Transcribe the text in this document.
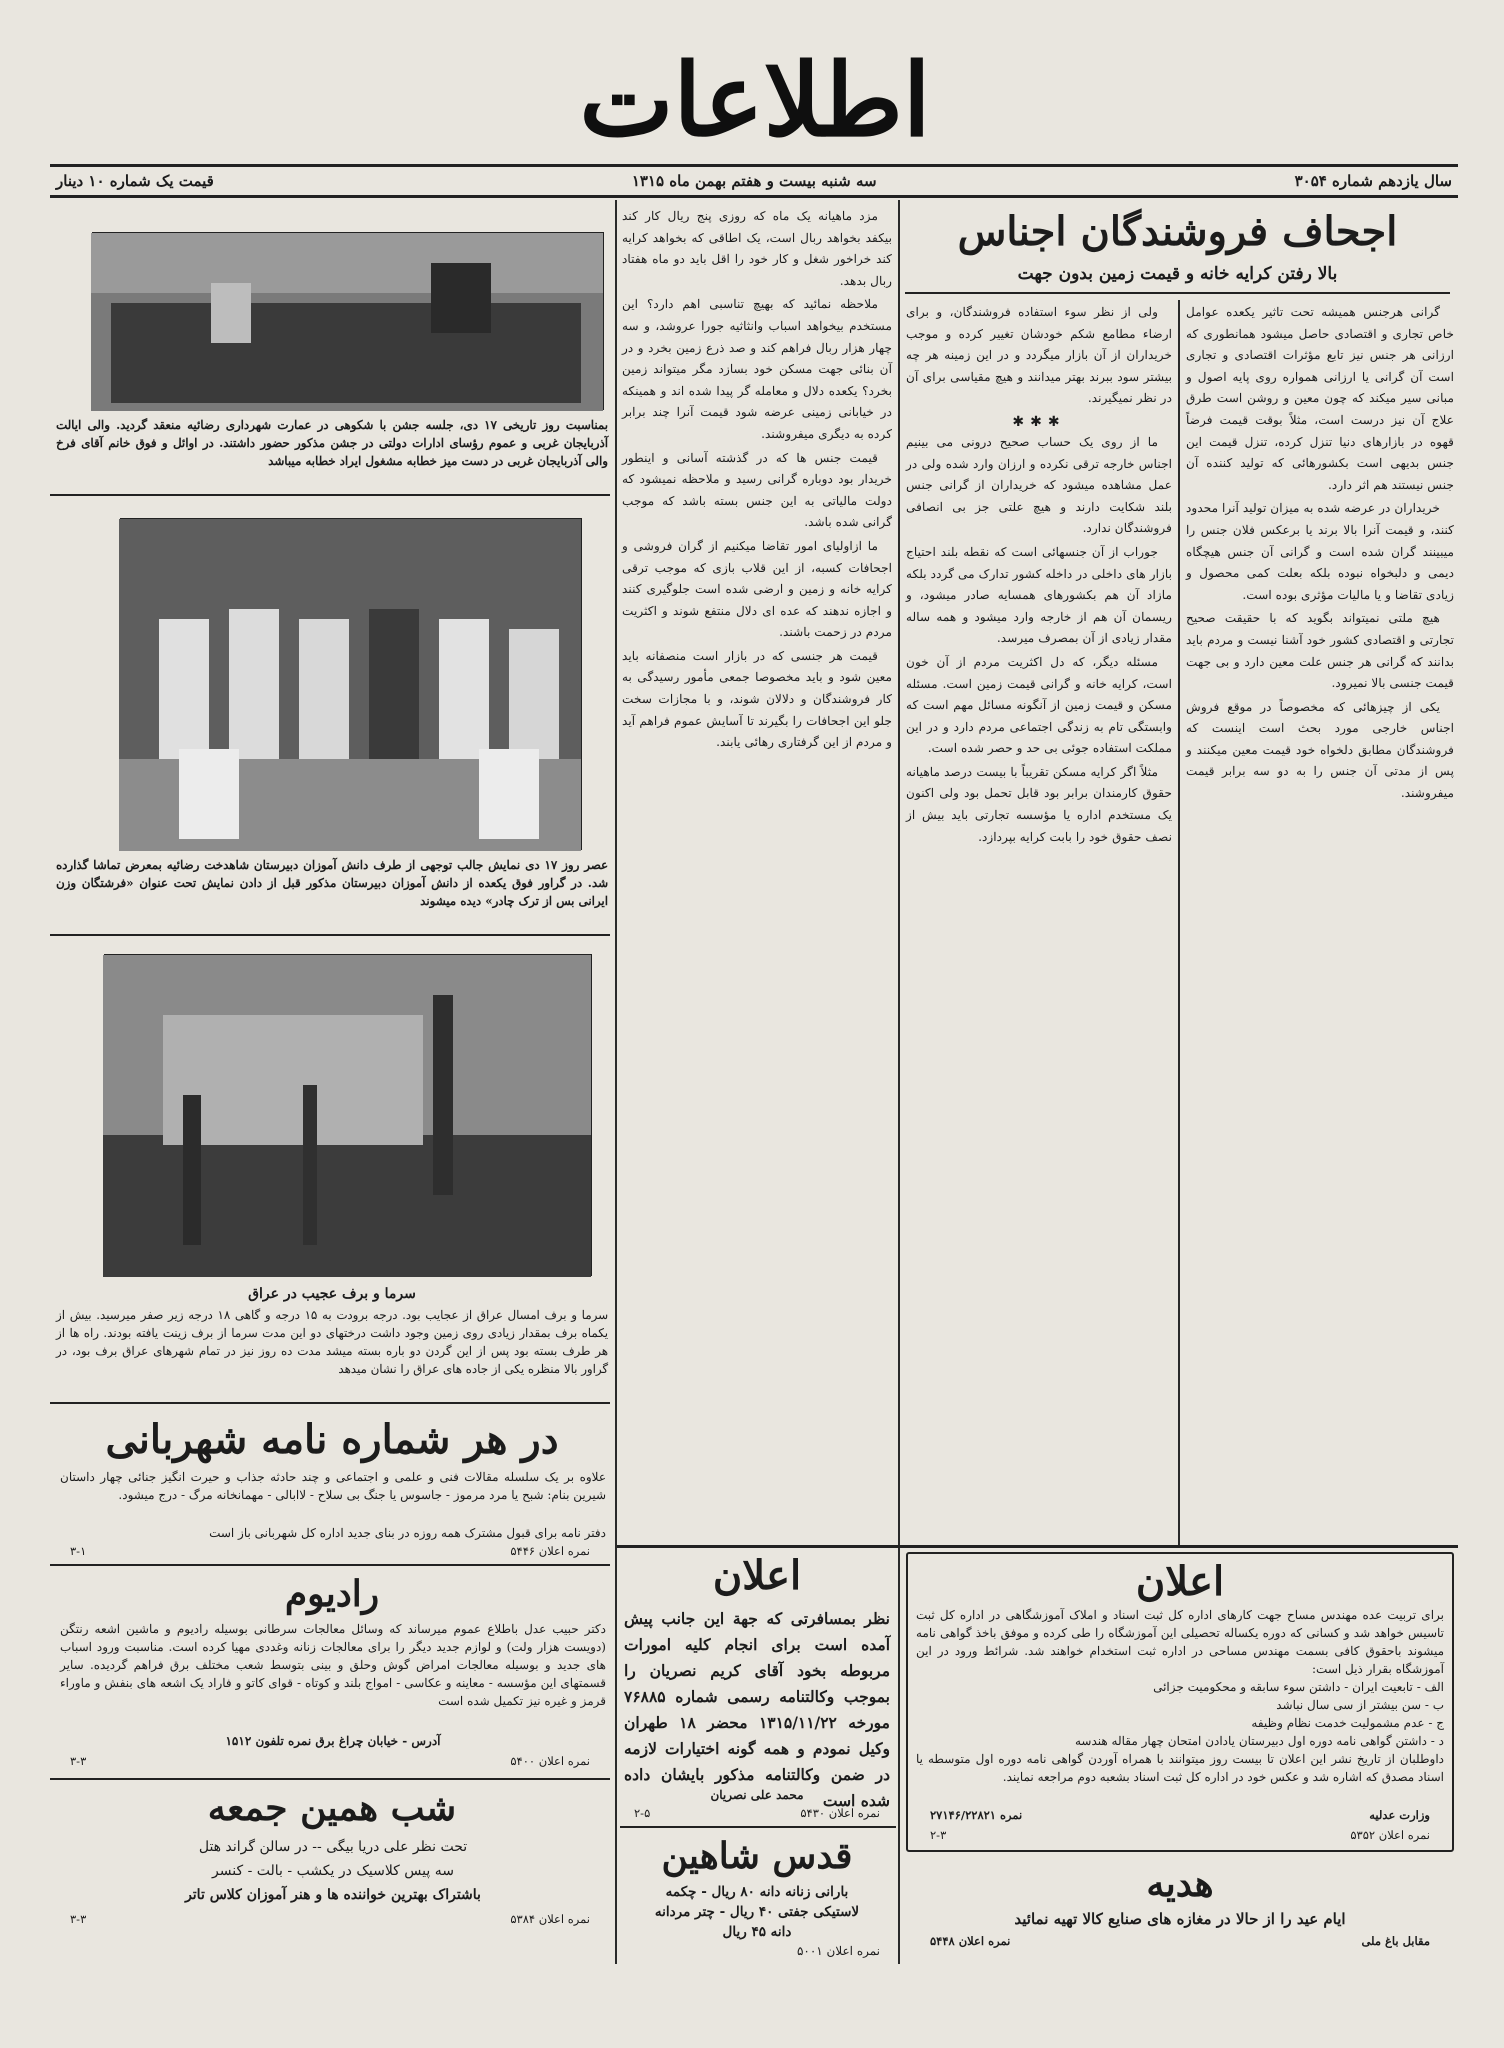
اطلاعات
سال یازدهم شماره ۳۰۵۴
سه شنبه بیست و هفتم بهمن ماه ۱۳۱۵
قیمت یک شماره ۱۰ دینار
اجحاف فروشندگان اجناس
بالا رفتن کرایه خانه و قیمت زمین بدون جهت

گرانی هرجنس همیشه تحت تاثیر یکعده عوامل خاص تجاری و اقتصادی حاصل میشود همانطوری که ارزانی هر جنس نیز تابع مؤثرات اقتصادی و تجاری است آن گرانی یا ارزانی همواره روی پایه اصول و مبانی سیر میکند که چون معین و روشن است طرق علاج آن نیز درست است، مثلاً بوقت قیمت فرضاً قهوه در بازارهای دنیا تنزل کرده، تنزل قیمت این جنس بدیهی است بکشورهائی که تولید کننده آن جنس نیستند هم اثر دارد.

خریداران در عرضه شده به میزان تولید آنرا محدود کنند، و قیمت آنرا بالا برند یا برعکس فلان جنس را میبینند گران شده است و گرانی آن جنس هیچگاه دیمی و دلبخواه نبوده بلکه بعلت کمی محصول و زیادی تقاضا و یا مالیات مؤثری بوده است.

هیچ ملتی نمیتواند بگوید که با حقیقت صحیح تجارتی و اقتصادی کشور خود آشنا نیست و مردم باید بدانند که گرانی هر جنس علت معین دارد و بی جهت قیمت جنسی بالا نمیرود.

یکی از چیزهائی که مخصوصاً در موقع فروش اجناس خارجی مورد بحث است اینست که فروشندگان مطابق دلخواه خود قیمت معین میکنند و پس از مدتی آن جنس را به دو سه برابر قیمت میفروشند.

ولی از نظر سوء استفاده فروشندگان، و برای ارضاء مطامع شکم خودشان تغییر کرده و موجب خریداران از آن بازار میگردد و در این زمینه هر چه بیشتر سود ببرند بهتر میدانند و هیچ مقیاسی برای آن در نظر نمیگیرند.

✱✱✱

ما از روی یک حساب صحیح درونی می بینیم اجناس خارجه ترقی نکرده و ارزان وارد شده ولی در عمل مشاهده میشود که خریداران از گرانی جنس بلند شکایت دارند و هیچ علتی جز بی انصافی فروشندگان ندارد.

جوراب از آن جنسهائی است که نقطه بلند احتیاج بازار های داخلی در داخله کشور تدارک می گردد بلکه مازاد آن هم بکشورهای همسایه صادر میشود، و ریسمان آن هم از خارجه وارد میشود و همه ساله مقدار زیادی از آن بمصرف میرسد.

مسئله دیگر، که دل اکثریت مردم از آن خون است، کرایه خانه و گرانی قیمت زمین است. مسئله مسکن و قیمت زمین از آنگونه مسائل مهم است که وابستگی تام به زندگی اجتماعی مردم دارد و در این مملکت استفاده جوئی بی حد و حصر شده است.

مثلاً اگر کرایه مسکن تقریباً با بیست درصد ماهیانه حقوق کارمندان برابر بود قابل تحمل بود ولی اکنون یک مستخدم اداره یا مؤسسه تجارتی باید بیش از نصف حقوق خود را بابت کرایه بپردازد.

مزد ماهیانه یک ماه که روزی پنج ریال کار کند بیکفد بخواهد ربال است، یک اطاقی که بخواهد کرایه کند خراخور شغل و کار خود را اقل باید دو ماه هفتاد ربال بدهد.

ملاحظه نمائید که بهیچ تناسبی اهم دارد؟ این مستخدم بیخواهد اسباب وانثاثیه جورا عروشد، و سه چهار هزار ربال فراهم کند و صد ذرع زمین بخرد و در آن بنائی جهت مسکن خود بسازد مگر میتواند زمین بخرد؟ یکعده دلال و معامله گر پیدا شده اند و همینکه در خیابانی زمینی عرضه شود قیمت آنرا چند برابر کرده به دیگری میفروشند.

قیمت جنس ها که در گذشته آسانی و اینطور خریدار بود دوباره گرانی رسید و ملاحظه نمیشود که دولت مالیاتی به این جنس بسته باشد که موجب گرانی شده باشد.

ما ازاولیای امور تقاضا میکنیم از گران فروشی و اجحافات کسبه، از این قلاب بازی که موجب ترقی کرایه خانه و زمین و ارضی شده است جلوگیری کنند و اجازه ندهند که عده ای دلال منتفع شوند و اکثریت مردم در زحمت باشند.

قیمت هر جنسی که در بازار است منصفانه باید معین شود و باید مخصوصا جمعی مأمور رسیدگی به کار فروشندگان و دلالان شوند، و با مجازات سخت جلو این اجحافات را بگیرند تا آسایش عموم فراهم آید و مردم از این گرفتاری رهائی یابند.

بمناسبت روز تاریخی ۱۷ دی، جلسه جشن با شکوهی در عمارت شهرداری رضائیه منعقد گردید. والی ایالت آذربایجان غربی و عموم رؤسای ادارات دولتی در جشن مذکور حضور داشتند. در اوائل و فوق خانم آقای فرخ والی آذربایجان غربی در دست میز خطابه مشغول ایراد خطابه میباشد
عصر روز ۱۷ دی نمایش جالب توجهی از طرف دانش آموزان دبیرستان شاهدخت رضائیه بمعرض تماشا گذارده شد. در گراور فوق یکعده از دانش آموزان دبیرستان مذکور قبل از دادن نمایش تحت عنوان «فرشتگان وزن ایرانی بس از ترک چادر» دیده میشوند
سرما و برف عجیب در عراق
سرما و برف امسال عراق از عجایب بود. درجه برودت به ۱۵ درجه و گاهی ۱۸ درجه زیر صفر میرسید. بیش از یکماه برف بمقدار زیادی روی زمین وجود داشت درختهای دو این مدت سرما از برف زینت یافته بودند. راه ها از هر طرف بسته بود پس از این گردن دو باره بسته میشد مدت ده روز نیز در تمام شهرهای عراق برف بود، در گراور بالا منظره یکی از جاده های عراق را نشان میدهد
در هر شماره نامه شهربانی
علاوه بر یک سلسله مقالات فنی و علمی و اجتماعی و چند حادثه جذاب و حیرت انگیز جنائی چهار داستان شیرین بنام: شبح یا مرد مرموز - جاسوس یا جنگ بی سلاح - لاابالی - مهمانخانه مرگ - درج میشود.
دفتر نامه برای قبول مشترک همه روزه در بنای جدید اداره کل شهربانی باز است
نمره اعلان ۵۴۴۶
۳-۱
رادیوم
دکتر حبیب عدل باطلاع عموم میرساند که وسائل معالجات سرطانی بوسیله رادیوم و ماشین اشعه رنتگن (دویست هزار ولت) و لوازم جدید دیگر را برای معالجات زنانه وغددی مهیا کرده است. مناسبت ورود اسباب های جدید و بوسیله معالجات امراض گوش وحلق و بینی بتوسط شعب مختلف برق فراهم گردیده. سایر قسمتهای این مؤسسه - معاینه و عکاسی - امواج بلند و کوتاه - قوای کاتو و فاراد یک اشعه های بنفش و ماوراء قرمز و غیره نیز تکمیل شده است
آدرس - خیابان چراغ برق نمره تلفون ۱۵۱۲
نمره اعلان ۵۴۰۰
۳-۳
شب همین جمعه
تحت نظر علی دریا بیگی -- در سالن گراند هتل
سه پیس کلاسیک در یکشب - بالت - کنسر
باشتراک بهترین خواننده ها و هنر آموزان کلاس تاتر
نمره اعلان ۵۳۸۴
۳-۳
اعلان
نظر بمسافرتی که جهة این جانب پیش آمده است برای انجام کلیه امورات مربوطه بخود آقای کریم نصریان را بموجب وکالتنامه رسمی شماره ۷۶۸۸۵ مورخه ۱۳۱۵/۱۱/۲۲ محضر ۱۸ طهران وکیل نمودم و همه گونه اختیارات لازمه در ضمن وکالتنامه مذکور بایشان داده شده است
محمد علی نصریان
نمره اعلان ۵۴۳۰
۲-۵
قدس شاهین
بارانی زنانه دانه ۸۰ ریال - چکمه
لاستیکی جفتی ۴۰ ریال - چتر مردانه
دانه ۴۵ ریال
نمره اعلان ۵۰۰۱
اعلان
برای تربیت عده مهندس مساح جهت کارهای اداره کل ثبت اسناد و املاک آموزشگاهی در اداره کل ثبت تاسیس خواهد شد و کسانی که دوره یکساله تحصیلی این آموزشگاه را طی کرده و موفق باخذ گواهی نامه میشوند باحقوق کافی بسمت مهندس مساحی در اداره ثبت استخدام خواهند شد. شرائط ورود در این آموزشگاه بقرار ذیل است:
الف - تابعیت ایران - داشتن سوء سابقه و محکومیت جزائی
ب - سن بیشتر از سی سال نباشد
ج - عدم مشمولیت خدمت نظام وظیفه
د - داشتن گواهی نامه دوره اول دبیرستان یادادن امتحان چهار مقاله هندسه
داوطلبان از تاریخ نشر این اعلان تا بیست روز میتوانند با همراه آوردن گواهی نامه دوره اول متوسطه یا اسناد مصدق که اشاره شد و عکس خود در اداره کل ثبت اسناد بشعبه دوم مراجعه نمایند.
وزارت عدلیه
نمره ۲۷۱۴۶/۲۲۸۲۱
نمره اعلان ۵۳۵۲
۲-۳
هدیه
ایام عید را از حالا در مغازه های صنایع کالا تهیه نمائید
مقابل باغ ملی
نمره اعلان ۵۴۴۸
